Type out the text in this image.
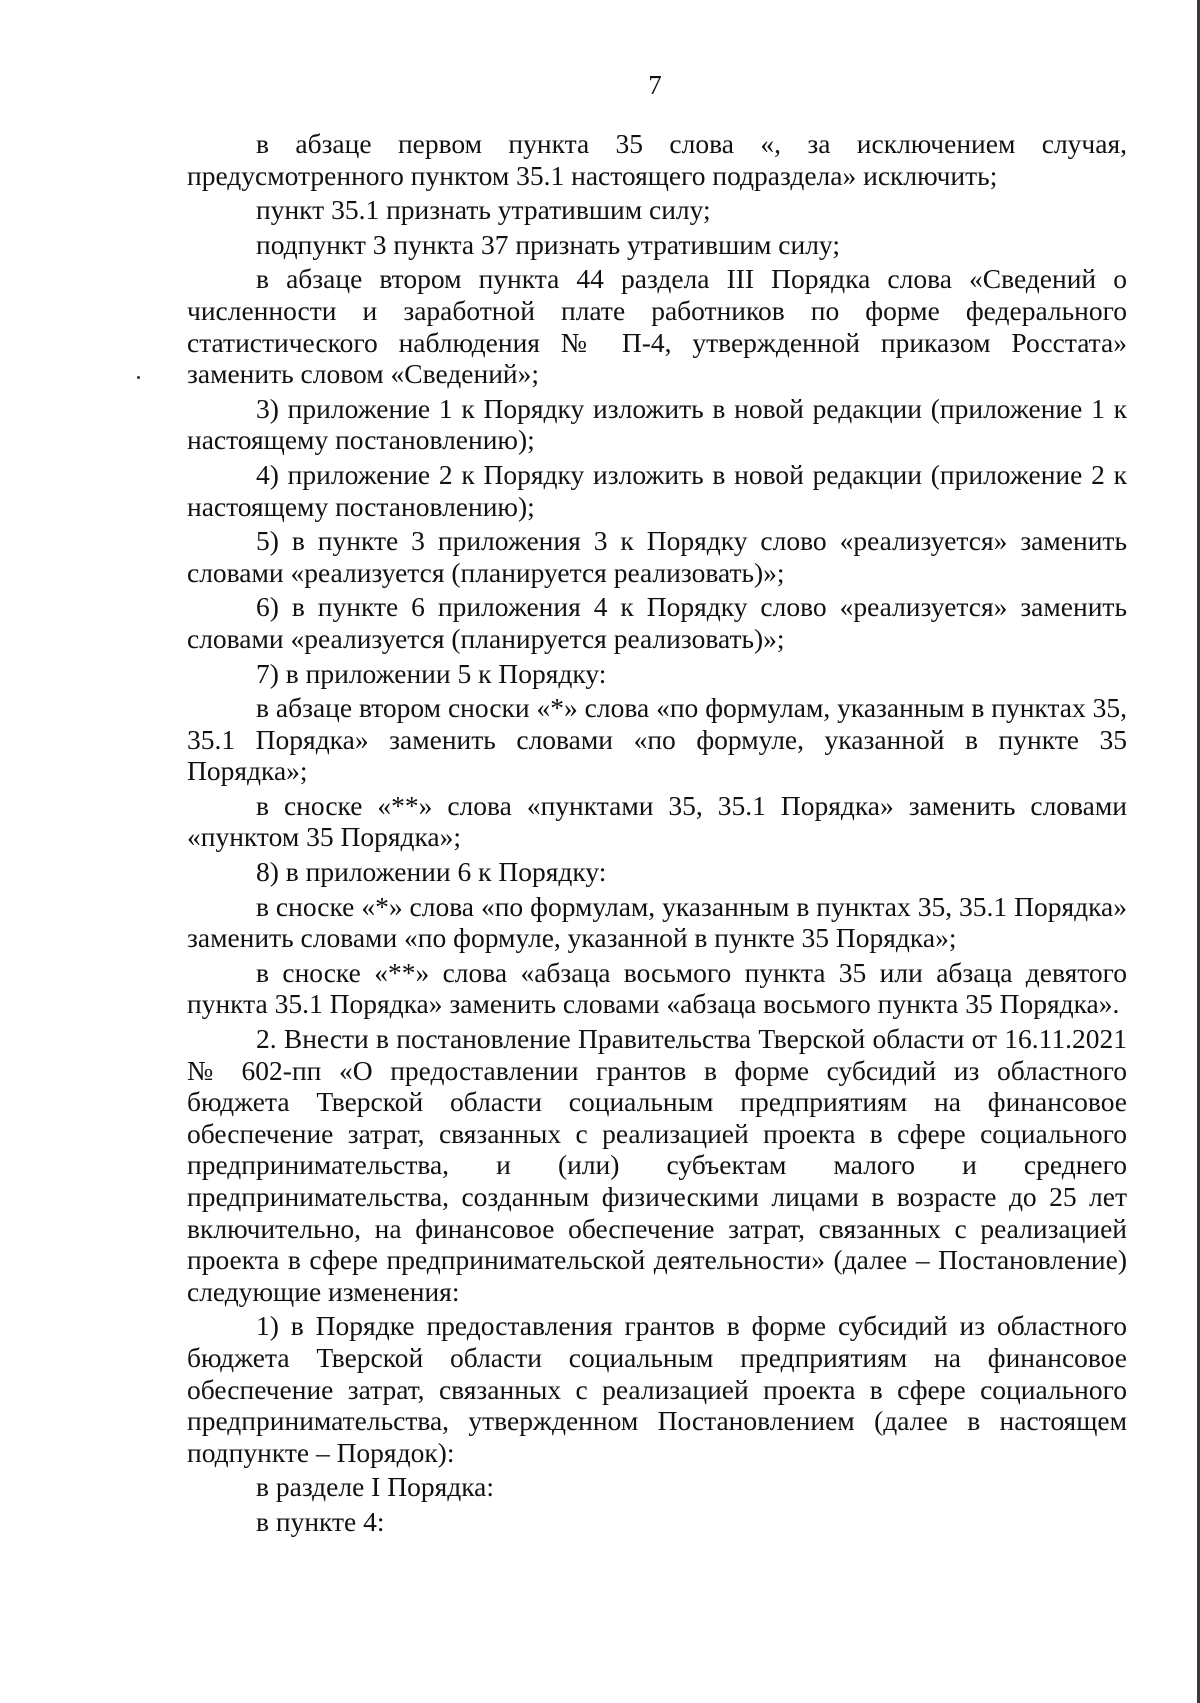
7

в абзаце первом пункта 35 слова «, за исключением случая, предусмотренного пунктом 35.1 настоящего подраздела» исключить;

пункт 35.1 признать утратившим силу;

подпункт 3 пункта 37 признать утратившим силу;

в абзаце втором пункта 44 раздела III Порядка слова «Сведений о численности и заработной плате работников по форме федерального статистического наблюдения № П-4, утвержденной приказом Росстата» заменить словом «Сведений»;

3) приложение 1 к Порядку изложить в новой редакции (приложение 1 к настоящему постановлению);

4) приложение 2 к Порядку изложить в новой редакции (приложение 2 к настоящему постановлению);

5) в пункте 3 приложения 3 к Порядку слово «реализуется» заменить словами «реализуется (планируется реализовать)»;

6) в пункте 6 приложения 4 к Порядку слово «реализуется» заменить словами «реализуется (планируется реализовать)»;

7) в приложении 5 к Порядку:

в абзаце втором сноски «*» слова «по формулам, указанным в пунктах 35, 35.1 Порядка» заменить словами «по формуле, указанной в пункте 35 Порядка»;

в сноске «**» слова «пунктами 35, 35.1 Порядка» заменить словами «пунктом 35 Порядка»;

8) в приложении 6 к Порядку:

в сноске «*» слова «по формулам, указанным в пунктах 35, 35.1 Порядка» заменить словами «по формуле, указанной в пункте 35 Порядка»;

в сноске «**» слова «абзаца восьмого пункта 35 или абзаца девятого пункта 35.1 Порядка» заменить словами «абзаца восьмого пункта 35 Порядка».

2. Внести в постановление Правительства Тверской области от 16.11.2021 № 602-пп «О предоставлении грантов в форме субсидий из областного бюджета Тверской области социальным предприятиям на финансовое обеспечение затрат, связанных с реализацией проекта в сфере социального предпринимательства, и (или) субъектам малого и среднего предпринимательства, созданным физическими лицами в возрасте до 25 лет включительно, на финансовое обеспечение затрат, связанных с реализацией проекта в сфере предпринимательской деятельности» (далее – Постановление) следующие изменения:

1) в Порядке предоставления грантов в форме субсидий из областного бюджета Тверской области социальным предприятиям на финансовое обеспечение затрат, связанных с реализацией проекта в сфере социального предпринимательства, утвержденном Постановлением (далее в настоящем подпункте – Порядок):

в разделе I Порядка:

в пункте 4:
